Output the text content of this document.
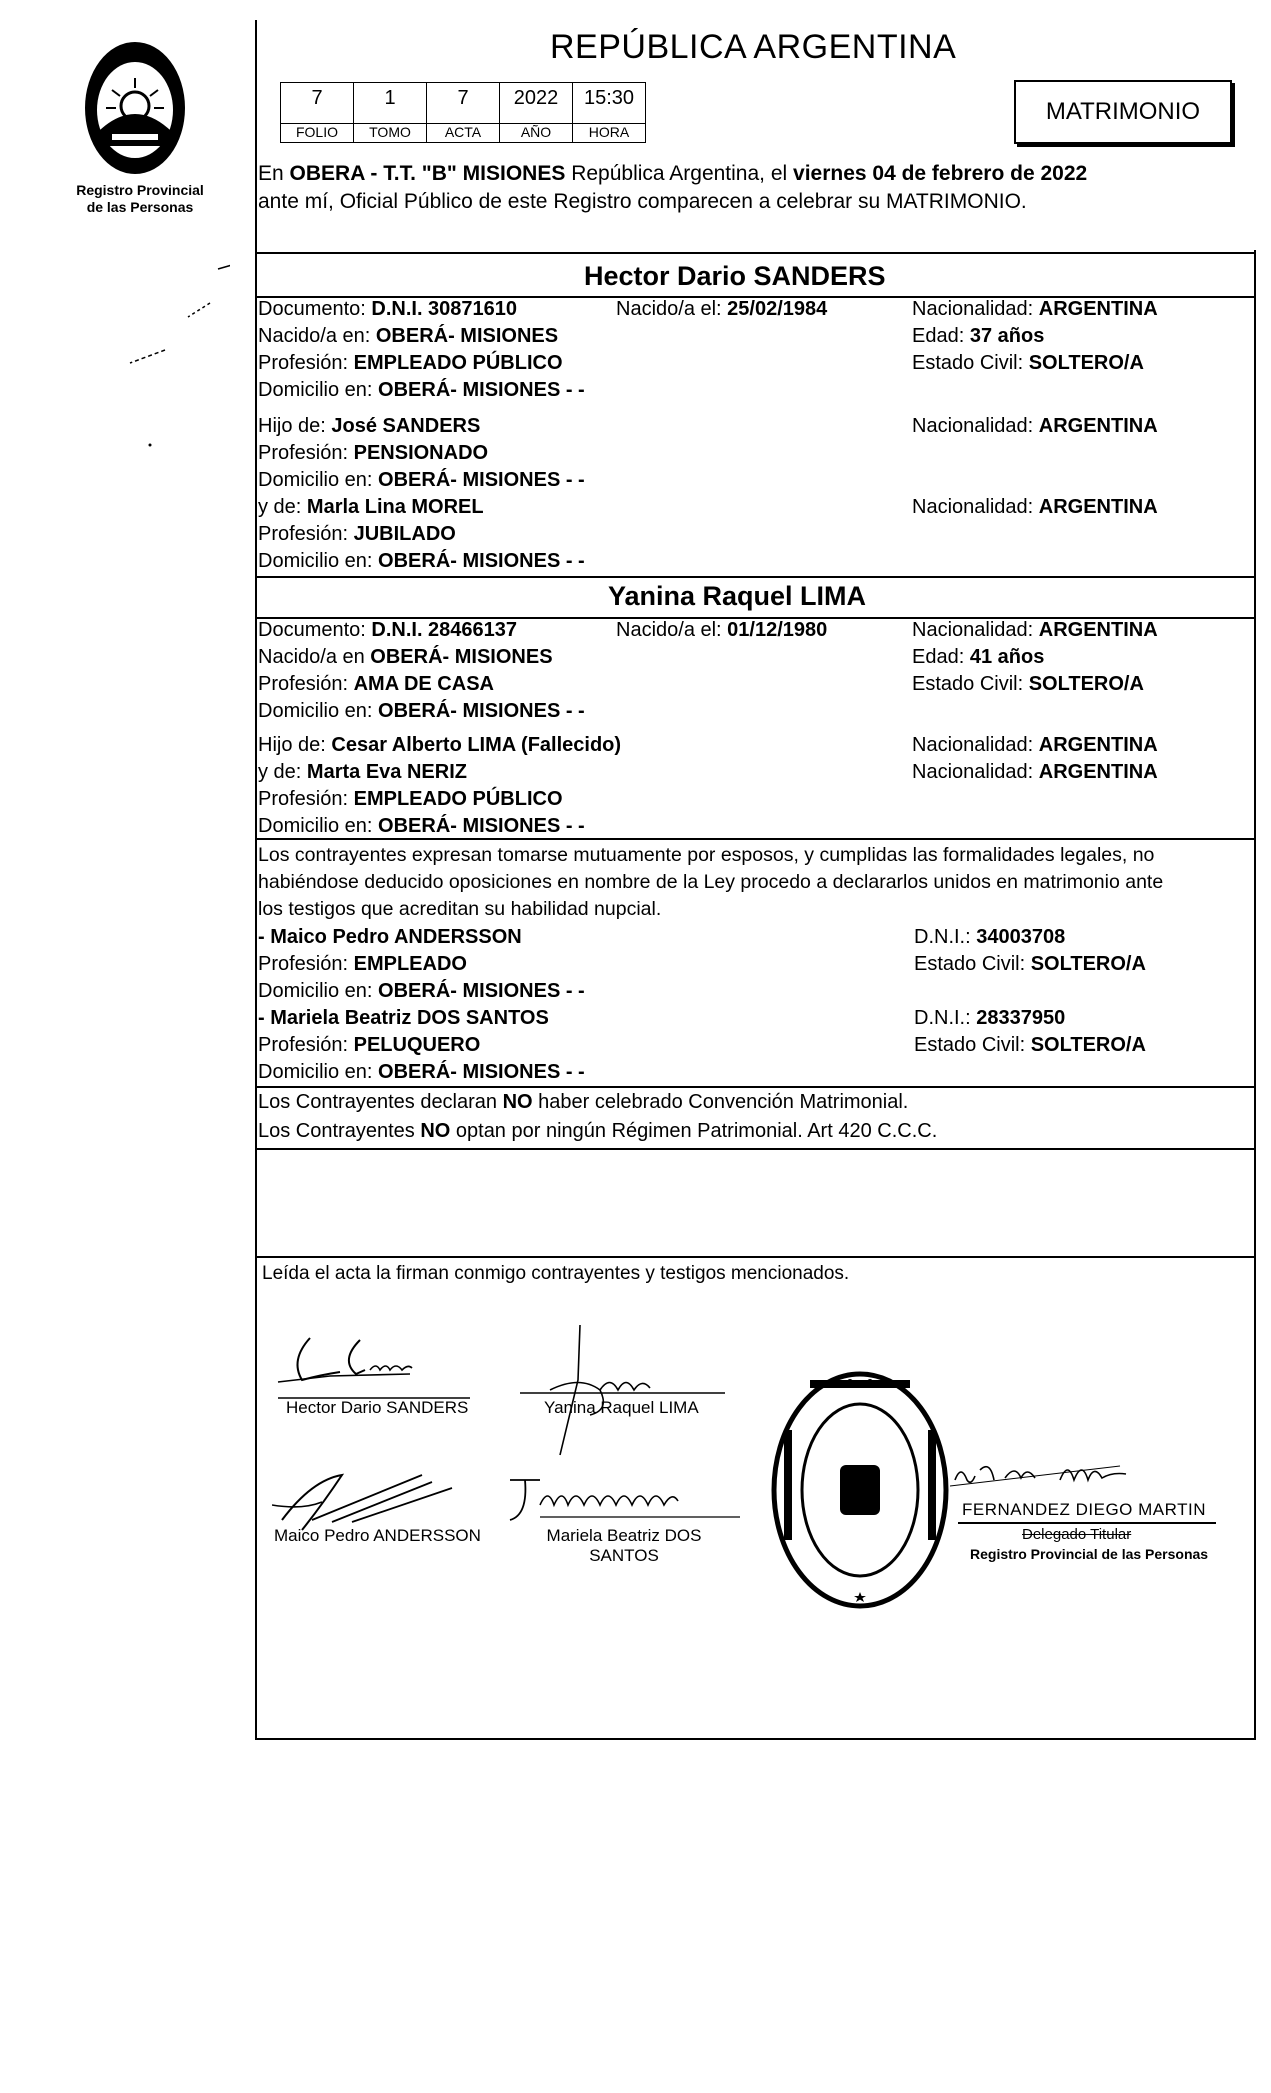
Registro Provincial
de las Personas
REPÚBLICA ARGENTINA
7	1	7	2022	15:30
FOLIO	TOMO	ACTA	AÑO	HORA
MATRIMONIO
En OBERA - T.T. "B" MISIONES República Argentina, el viernes 04 de febrero de 2022
ante mí, Oficial Público de este Registro comparecen a celebrar su MATRIMONIO.
Hector Dario SANDERS
Documento: D.N.I. 30871610	Nacido/a el: 25/02/1984	Nacionalidad: ARGENTINA
Nacido/a en: OBERÁ- MISIONES	Edad: 37 años
Profesión: EMPLEADO PÚBLICO	Estado Civil: SOLTERO/A
Domicilio en: OBERÁ- MISIONES - -
Hijo de: José SANDERS	Nacionalidad: ARGENTINA
Profesión: PENSIONADO
Domicilio en: OBERÁ- MISIONES - -
y de: Marla Lina MOREL	Nacionalidad: ARGENTINA
Profesión: JUBILADO
Domicilio en: OBERÁ- MISIONES - -
Yanina Raquel LIMA
Documento: D.N.I. 28466137	Nacido/a el: 01/12/1980	Nacionalidad: ARGENTINA
Nacido/a en OBERÁ- MISIONES	Edad: 41 años
Profesión: AMA DE CASA	Estado Civil: SOLTERO/A
Domicilio en: OBERÁ- MISIONES - -
Hijo de: Cesar Alberto LIMA (Fallecido)	Nacionalidad: ARGENTINA
y de: Marta Eva NERIZ	Nacionalidad: ARGENTINA
Profesión: EMPLEADO PÚBLICO
Domicilio en: OBERÁ- MISIONES - -
Los contrayentes expresan tomarse mutuamente por esposos, y cumplidas las formalidades legales, no
habiéndose deducido oposiciones en nombre de la Ley procedo a declararlos unidos en matrimonio ante
los testigos que acreditan su habilidad nupcial.
- Maico Pedro ANDERSSON	D.N.I.: 34003708
Profesión: EMPLEADO	Estado Civil: SOLTERO/A
Domicilio en: OBERÁ- MISIONES - -
- Mariela Beatriz DOS SANTOS	D.N.I.: 28337950
Profesión: PELUQUERO	Estado Civil: SOLTERO/A
Domicilio en: OBERÁ- MISIONES - -
Los Contrayentes declaran NO haber celebrado Convención Matrimonial.
Los Contrayentes NO optan por ningún Régimen Patrimonial. Art 420 C.C.C.
Leída el acta la firman conmigo contrayentes y testigos mencionados.
Hector Dario SANDERS	Yanina Raquel LIMA
Maico Pedro ANDERSSON	Mariela Beatriz DOS
SANTOS
FERNANDEZ DIEGO MARTIN
Delegado Titular
Registro Provincial de las Personas
